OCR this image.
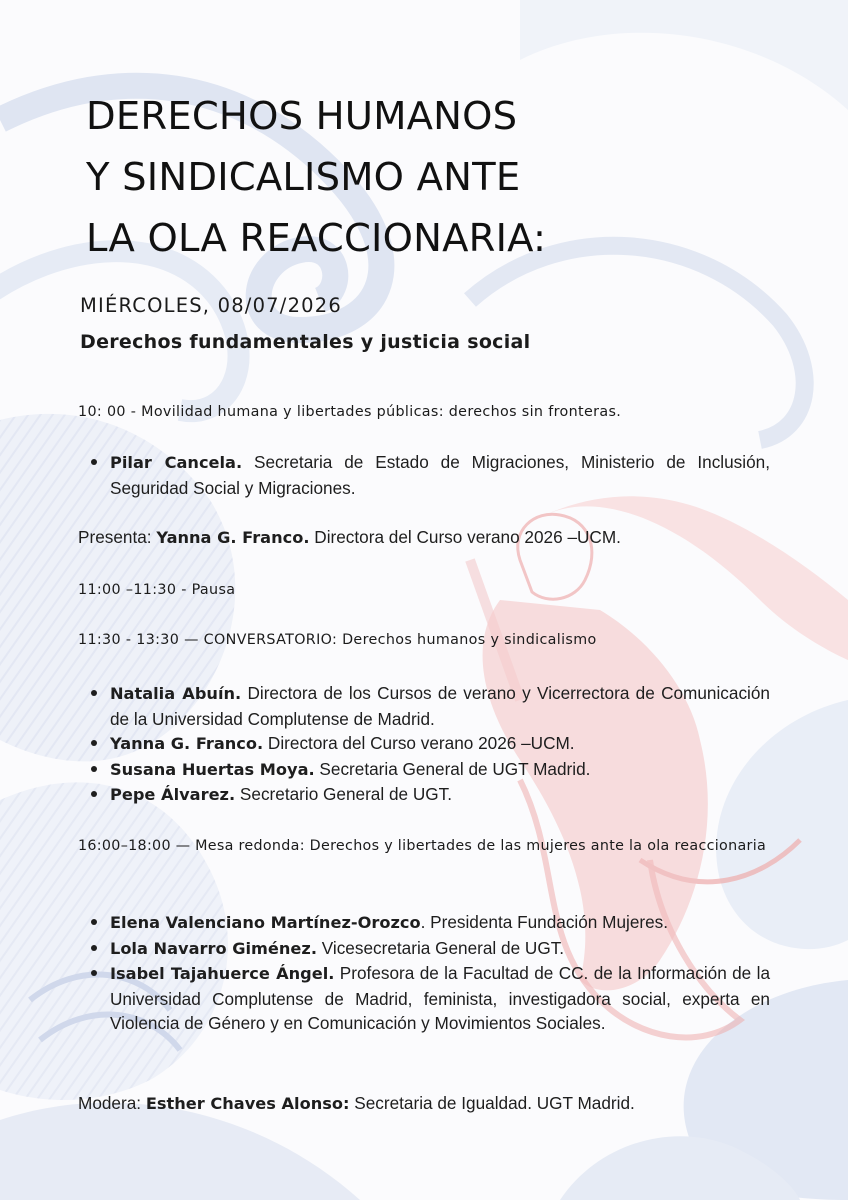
DERECHOS HUMANOS
Y SINDICALISMO ANTE
LA OLA REACCIONARIA:
MIÉRCOLES, 08/07/2026
Derechos fundamentales y justicia social
10: 00 - Movilidad humana y libertades públicas: derechos sin fronteras.
Pilar Cancela. Secretaria de Estado de Migraciones, Ministerio de Inclusión, Seguridad Social y Migraciones.
Presenta: Yanna G. Franco. Directora del Curso verano 2026 –UCM.
11:00 –11:30 - Pausa
11:30 - 13:30 — CONVERSATORIO: Derechos humanos y sindicalismo
Natalia Abuín. Directora de los Cursos de verano y Vicerrectora de Comunicación de la Universidad Complutense de Madrid.
Yanna G. Franco. Directora del Curso verano 2026 –UCM.
Susana Huertas Moya. Secretaria General de UGT Madrid.
Pepe Álvarez. Secretario General de UGT.
16:00–18:00 — Mesa redonda: Derechos y libertades de las mujeres ante la ola reaccionaria
Elena Valenciano Martínez-Orozco. Presidenta Fundación Mujeres.
Lola Navarro Giménez. Vicesecretaria General de UGT.
Isabel Tajahuerce Ángel. Profesora de la Facultad de CC. de la Información de la Universidad Complutense de Madrid, feminista, investigadora social, experta en Violencia de Género y en Comunicación y Movimientos Sociales.
Modera: Esther Chaves Alonso: Secretaria de Igualdad. UGT Madrid.
